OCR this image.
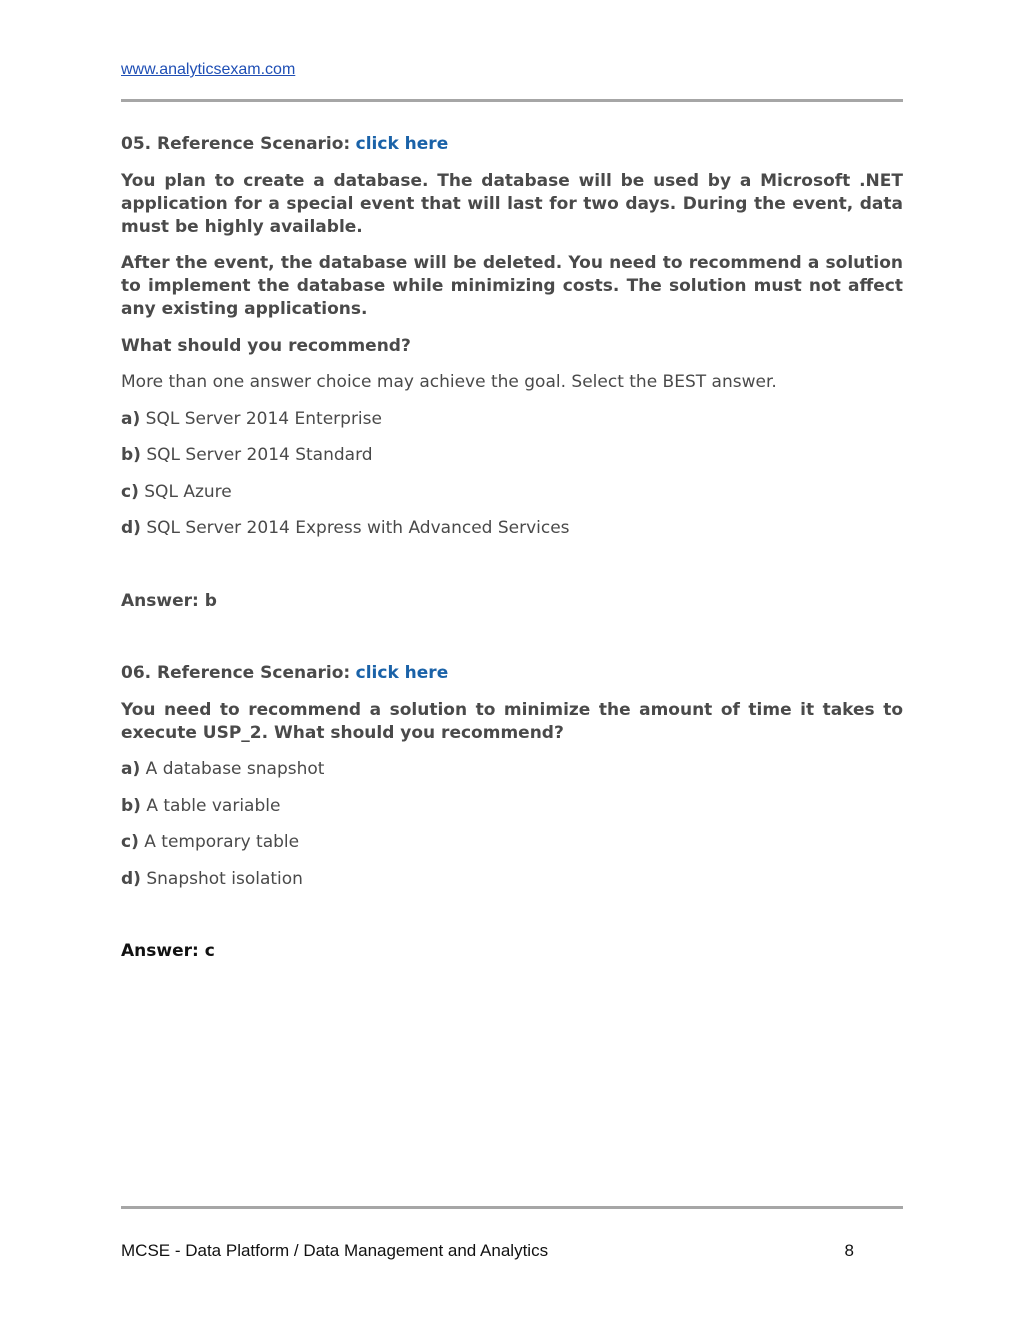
www.analyticsexam.com

05. Reference Scenario: click here

You plan to create a database. The database will be used by a Microsoft .NET application for a special event that will last for two days. During the event, data must be highly available.

After the event, the database will be deleted. You need to recommend a solution to implement the database while minimizing costs. The solution must not affect any existing applications.

What should you recommend?

More than one answer choice may achieve the goal. Select the BEST answer.

a) SQL Server 2014 Enterprise

b) SQL Server 2014 Standard

c) SQL Azure

d) SQL Server 2014 Express with Advanced Services

Answer: b

06. Reference Scenario: click here

You need to recommend a solution to minimize the amount of time it takes to execute USP_2. What should you recommend?

a) A database snapshot

b) A table variable

c) A temporary table

d) Snapshot isolation

Answer: c

MCSE - Data Platform / Data Management and Analytics	8
